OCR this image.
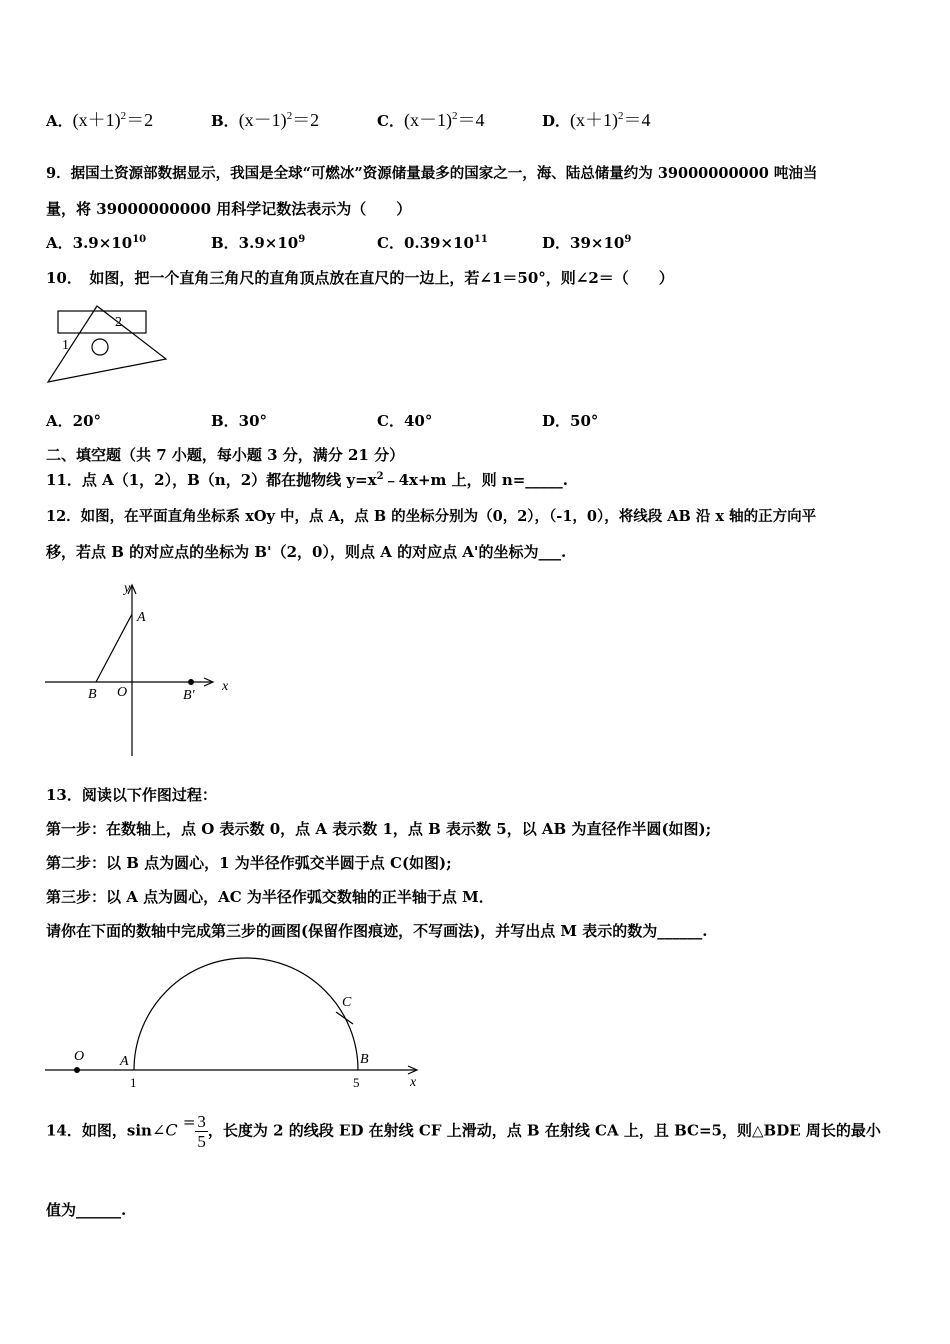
A．$(x+1)^2=2$	B．$(x-1)^2=2$	C．$(x-1)^2=4$	D．$(x+1)^2=4$
9．据国土资源部数据显示，我国是全球“可燃冰”资源储量最多的国家之一，海、陆总储量约为 39000000000 吨油当
量，将 39000000000 用科学记数法表示为（　　）
A．$3.9\times 10^{10}$	B．$3.9\times 10^9$	C．$0.39\times 10^{11}$	D．$39\times 10^9$
10．　如图，把一个直角三角尺的直角顶点放在直尺的一边上，若∠1＝50°，则∠2＝（　　）
1
2
A．20°	B．30°	C．40°	D．50°
二、填空题（共 7 小题，每小题 3 分，满分 21 分）
11．点 A（1，2），B（n，2）都在抛物线 $y=x^2﹣4x+m$ 上，则 n=_____.
12．如图，在平面直角坐标系 xOy 中，点 A，点 B 的坐标分别为（0，2），（-1，0），将线段 AB 沿 x 轴的正方向平
移，若点 B 的对应点的坐标为 B'（2，0），则点 A 的对应点 A'的坐标为___.
y
x
A
B O	B′
13．阅读以下作图过程：
第一步：在数轴上，点 O 表示数 0，点 A 表示数 1，点 B 表示数 5，以 AB 为直径作半圆(如图);
第二步：以 B 点为圆心，1 为半径作弧交半圆于点 C(如图);
第三步：以 A 点为圆心，AC 为半径作弧交数轴的正半轴于点 M．
请你在下面的数轴中完成第三步的画图(保留作图痕迹，不写画法)，并写出点 M 表示的数为______.
O	A	B
C
x
1	5
14．如图，sin∠C = $\frac{3}{5}$ ，长度为 2 的线段 ED 在射线 CF 上滑动，点 B 在射线 CA 上，且 BC=5，则△BDE 周长的最小
值为______.
